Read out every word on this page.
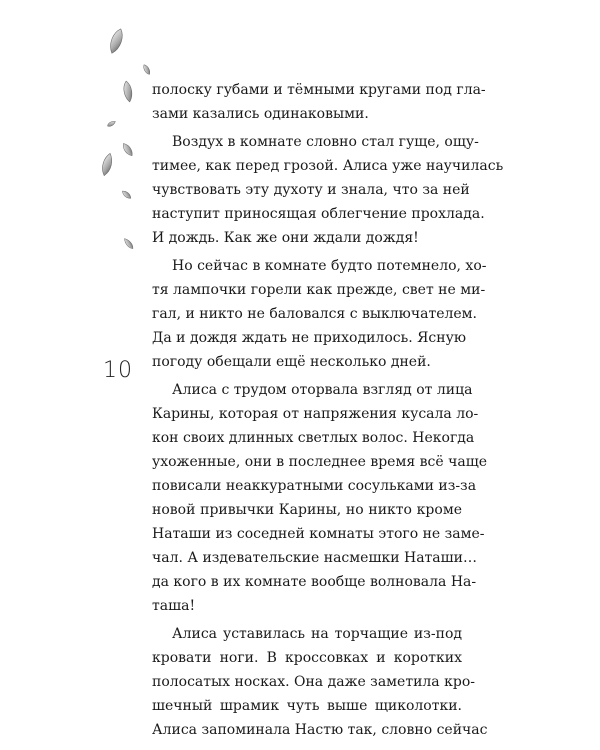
10
полоску губами и тёмными кругами под гла-
зами казались одинаковыми.
Воздух в комнате словно стал гуще, ощу-
тимее, как перед грозой. Алиса уже научилась
чувствовать эту духоту и знала, что за ней
наступит приносящая облегчение прохлада.
И дождь. Как же они ждали дождя!
Но сейчас в комнате будто потемнело, хо-
тя лампочки горели как прежде, свет не ми-
гал, и никто не баловался с выключателем.
Да и дождя ждать не приходилось. Ясную
погоду обещали ещё несколько дней.
Алиса с трудом оторвала взгляд от лица
Карины, которая от напряжения кусала ло-
кон своих длинных светлых волос. Некогда
ухоженные, они в последнее время всё чаще
повисали неаккуратными сосульками из-за
новой привычки Карины, но никто кроме
Наташи из соседней комнаты этого не заме-
чал. А издевательские насмешки Наташи…
да кого в их комнате вообще волновала На-
таша!
Алиса уставилась на торчащие из-под
кровати ноги. В кроссовках и коротких
полосатых носках. Она даже заметила кро-
шечный шрамик чуть выше щиколотки.
Алиса запоминала Настю так, словно сейчас
